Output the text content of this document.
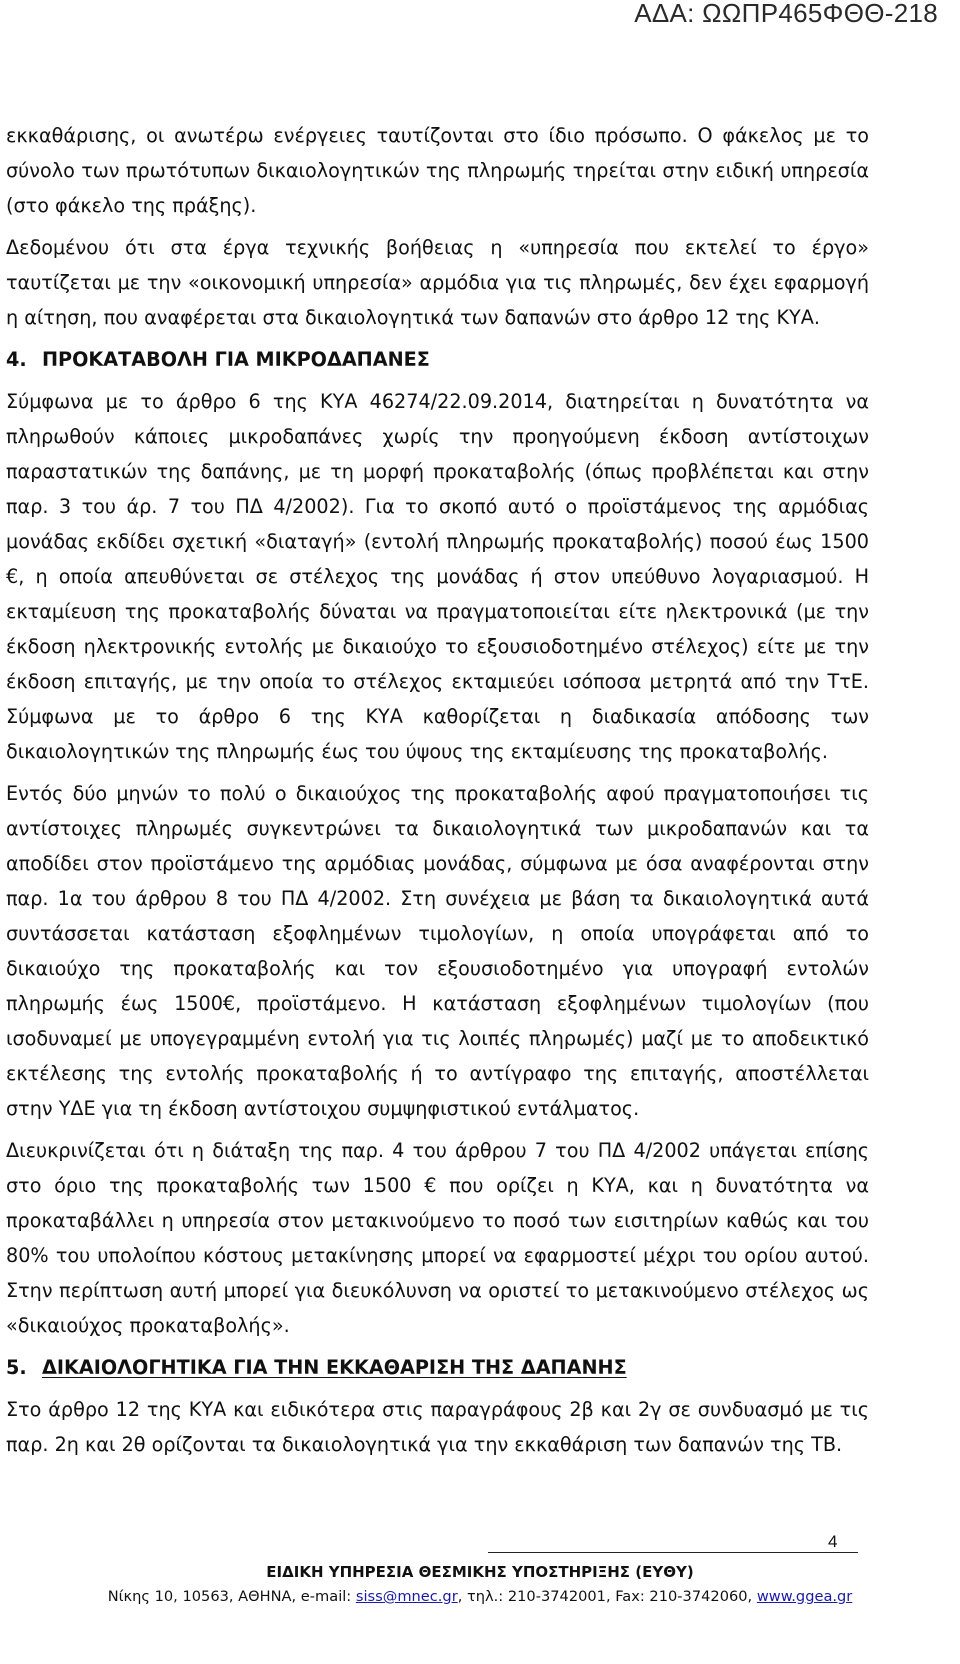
ΑΔΑ: ΩΩΠΡ465ΦΘΘ-218

εκκαθάρισης, οι ανωτέρω ενέργειες ταυτίζονται στο ίδιο πρόσωπο. Ο φάκελος με το σύνολο των πρωτότυπων δικαιολογητικών της πληρωμής τηρείται στην ειδική υπηρεσία (στο φάκελο της πράξης).

Δεδομένου ότι στα έργα τεχνικής βοήθειας η «υπηρεσία που εκτελεί το έργο» ταυτίζεται με την «οικονομική υπηρεσία» αρμόδια για τις πληρωμές, δεν έχει εφαρμογή η αίτηση, που αναφέρεται στα δικαιολογητικά των δαπανών στο άρθρο 12 της ΚΥΑ.

4. ΠΡΟΚΑΤΑΒΟΛΗ ΓΙΑ ΜΙΚΡΟΔΑΠΑΝΕΣ

Σύμφωνα με το άρθρο 6 της ΚΥΑ 46274/22.09.2014, διατηρείται η δυνατότητα να πληρωθούν κάποιες μικροδαπάνες χωρίς την προηγούμενη έκδοση αντίστοιχων παραστατικών της δαπάνης, με τη μορφή προκαταβολής (όπως προβλέπεται και στην παρ. 3 του άρ. 7 του ΠΔ 4/2002). Για το σκοπό αυτό ο προϊστάμενος της αρμόδιας μονάδας εκδίδει σχετική «διαταγή» (εντολή πληρωμής προκαταβολής) ποσού έως 1500 €, η οποία απευθύνεται σε στέλεχος της μονάδας ή στον υπεύθυνο λογαριασμού. Η εκταμίευση της προκαταβολής δύναται να πραγματοποιείται είτε ηλεκτρονικά (με την έκδοση ηλεκτρονικής εντολής με δικαιούχο το εξουσιοδοτημένο στέλεχος) είτε με την έκδοση επιταγής, με την οποία το στέλεχος εκταμιεύει ισόποσα μετρητά από την ΤτΕ. Σύμφωνα με το άρθρο 6 της ΚΥΑ καθορίζεται η διαδικασία απόδοσης των δικαιολογητικών της πληρωμής έως του ύψους της εκταμίευσης της προκαταβολής.

Εντός δύο μηνών το πολύ ο δικαιούχος της προκαταβολής αφού πραγματοποιήσει τις αντίστοιχες πληρωμές συγκεντρώνει τα δικαιολογητικά των μικροδαπανών και τα αποδίδει στον προϊστάμενο της αρμόδιας μονάδας, σύμφωνα με όσα αναφέρονται στην παρ. 1α του άρθρου 8 του ΠΔ 4/2002. Στη συνέχεια με βάση τα δικαιολογητικά αυτά συντάσσεται κατάσταση εξοφλημένων τιμολογίων, η οποία υπογράφεται από το δικαιούχο της προκαταβολής και τον εξουσιοδοτημένο για υπογραφή εντολών πληρωμής έως 1500€, προϊστάμενο. Η κατάσταση εξοφλημένων τιμολογίων (που ισοδυναμεί με υπογεγραμμένη εντολή για τις λοιπές πληρωμές) μαζί με το αποδεικτικό εκτέλεσης της εντολής προκαταβολής ή το αντίγραφο της επιταγής, αποστέλλεται στην ΥΔΕ για τη έκδοση αντίστοιχου συμψηφιστικού εντάλματος.

Διευκρινίζεται ότι η διάταξη της παρ. 4 του άρθρου 7 του ΠΔ 4/2002 υπάγεται επίσης στο όριο της προκαταβολής των 1500 € που ορίζει η ΚΥΑ, και η δυνατότητα να προκαταβάλλει η υπηρεσία στον μετακινούμενο το ποσό των εισιτηρίων καθώς και του 80% του υπολοίπου κόστους μετακίνησης μπορεί να εφαρμοστεί μέχρι του ορίου αυτού. Στην περίπτωση αυτή μπορεί για διευκόλυνση να οριστεί το μετακινούμενο στέλεχος ως «δικαιούχος προκαταβολής».

5. ΔΙΚΑΙΟΛΟΓΗΤΙΚΑ ΓΙΑ ΤΗΝ ΕΚΚΑΘΑΡΙΣΗ ΤΗΣ ΔΑΠΑΝΗΣ

Στο άρθρο 12 της ΚΥΑ και ειδικότερα στις παραγράφους 2β και 2γ σε συνδυασμό με τις παρ. 2η και 2θ ορίζονται τα δικαιολογητικά για την εκκαθάριση των δαπανών της ΤΒ.

4
ΕΙΔΙΚΗ ΥΠΗΡΕΣΙΑ ΘΕΣΜΙΚΗΣ ΥΠΟΣΤΗΡΙΞΗΣ (ΕΥΘΥ)
Νίκης 10, 10563, ΑΘΗΝΑ, e-mail: siss@mnec.gr, τηλ.: 210-3742001, Fax: 210-3742060, www.ggea.gr
